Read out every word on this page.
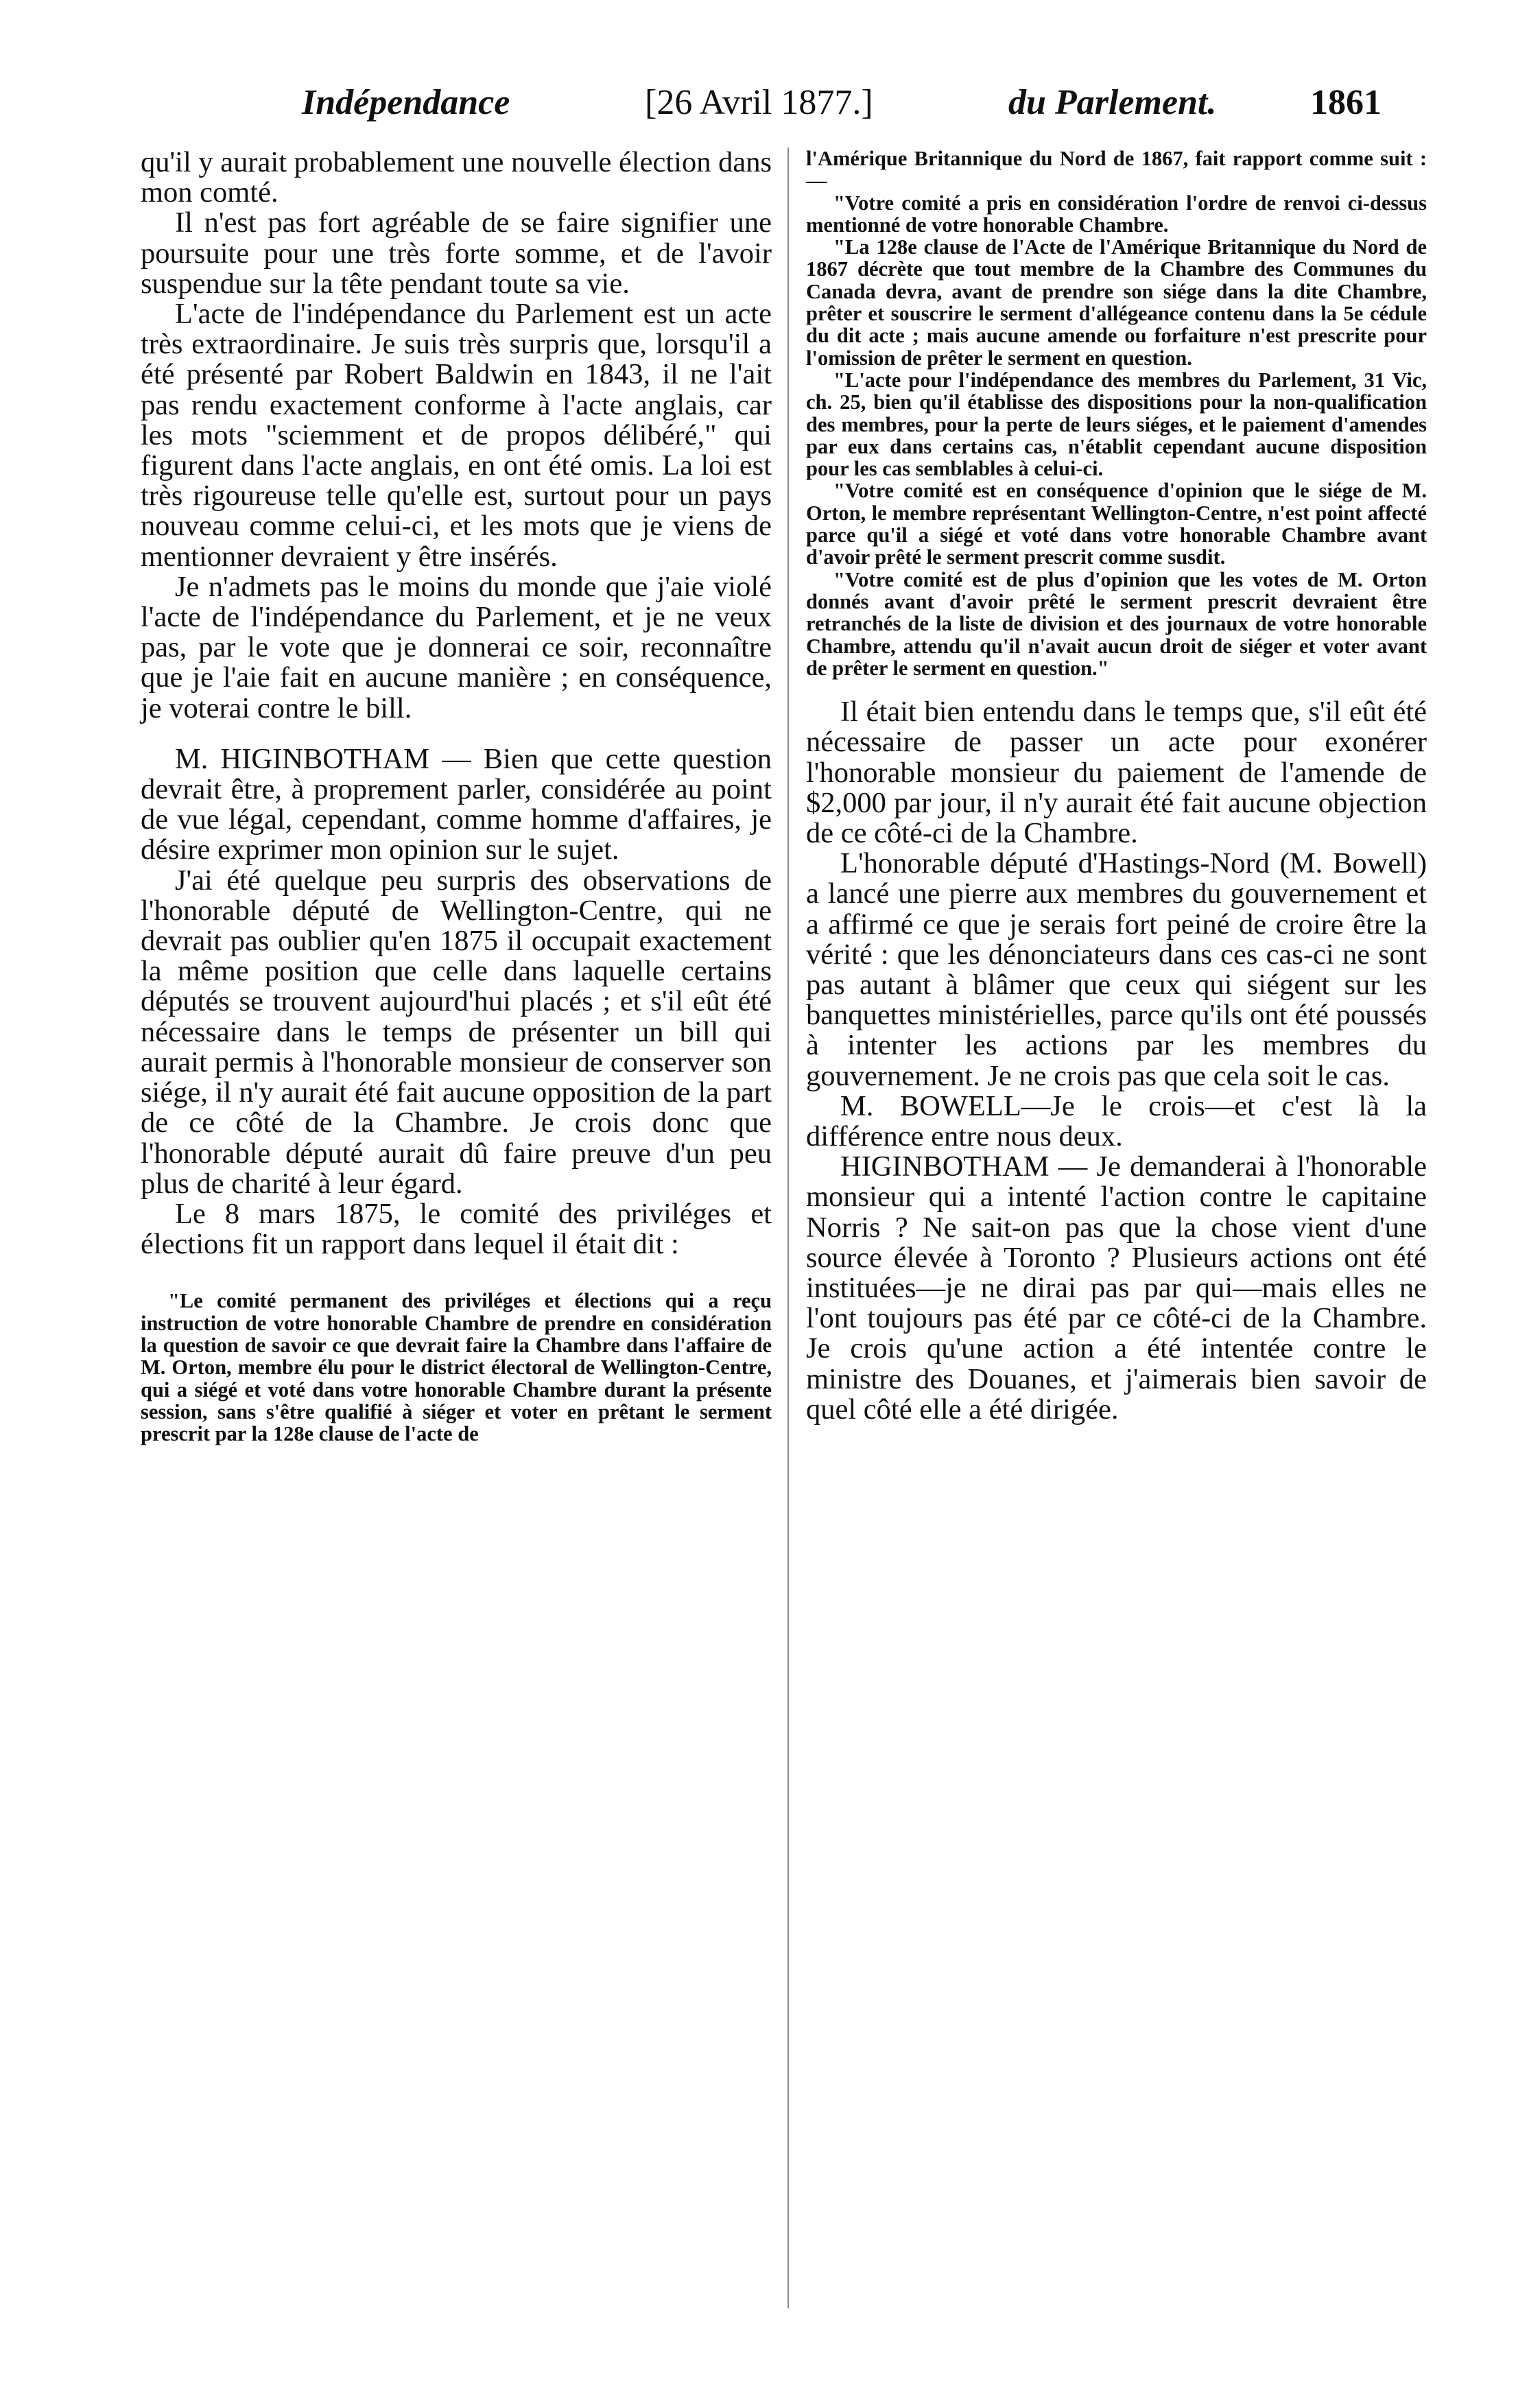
Indépendance	[26 Avril 1877.]	du Parlement.	1861

qu'il y aurait probablement une nouvelle élection dans mon comté.

Il n'est pas fort agréable de se faire signifier une poursuite pour une très forte somme, et de l'avoir suspendue sur la tête pendant toute sa vie.

L'acte de l'indépendance du Parlement est un acte très extraordinaire. Je suis très surpris que, lorsqu'il a été présenté par Robert Baldwin en 1843, il ne l'ait pas rendu exactement conforme à l'acte anglais, car les mots "sciemment et de propos délibéré," qui figurent dans l'acte anglais, en ont été omis. La loi est très rigoureuse telle qu'elle est, surtout pour un pays nouveau comme celui-ci, et les mots que je viens de mentionner devraient y être insérés.

Je n'admets pas le moins du monde que j'aie violé l'acte de l'indépendance du Parlement, et je ne veux pas, par le vote que je donnerai ce soir, reconnaître que je l'aie fait en aucune manière ; en conséquence, je voterai contre le bill.

M. HIGINBOTHAM — Bien que cette question devrait être, à proprement parler, considérée au point de vue légal, cependant, comme homme d'affaires, je désire exprimer mon opinion sur le sujet.

J'ai été quelque peu surpris des observations de l'honorable député de Wellington-Centre, qui ne devrait pas oublier qu'en 1875 il occupait exactement la même position que celle dans laquelle certains députés se trouvent aujourd'hui placés ; et s'il eût été nécessaire dans le temps de présenter un bill qui aurait permis à l'honorable monsieur de conserver son siége, il n'y aurait été fait aucune opposition de la part de ce côté de la Chambre. Je crois donc que l'honorable député aurait dû faire preuve d'un peu plus de charité à leur égard.

Le 8 mars 1875, le comité des priviléges et élections fit un rapport dans lequel il était dit :

"Le comité permanent des priviléges et élections qui a reçu instruction de votre honorable Chambre de prendre en considération la question de savoir ce que devrait faire la Chambre dans l'affaire de M. Orton, membre élu pour le district électoral de Wellington-Centre, qui a siégé et voté dans votre honorable Chambre durant la présente session, sans s'être qualifié à siéger et voter en prêtant le serment prescrit par la 128e clause de l'acte de

l'Amérique Britannique du Nord de 1867, fait rapport comme suit :—

"Votre comité a pris en considération l'ordre de renvoi ci-dessus mentionné de votre honorable Chambre.

"La 128e clause de l'Acte de l'Amérique Britannique du Nord de 1867 décrète que tout membre de la Chambre des Communes du Canada devra, avant de prendre son siége dans la dite Chambre, prêter et souscrire le serment d'allégeance contenu dans la 5e cédule du dit acte ; mais aucune amende ou forfaiture n'est prescrite pour l'omission de prêter le serment en question.

"L'acte pour l'indépendance des membres du Parlement, 31 Vic, ch. 25, bien qu'il établisse des dispositions pour la non-qualification des membres, pour la perte de leurs siéges, et le paiement d'amendes par eux dans certains cas, n'établit cependant aucune disposition pour les cas semblables à celui-ci.

"Votre comité est en conséquence d'opinion que le siége de M. Orton, le membre représentant Wellington-Centre, n'est point affecté parce qu'il a siégé et voté dans votre honorable Chambre avant d'avoir prêté le serment prescrit comme susdit.

"Votre comité est de plus d'opinion que les votes de M. Orton donnés avant d'avoir prêté le serment prescrit devraient être retranchés de la liste de division et des journaux de votre honorable Chambre, attendu qu'il n'avait aucun droit de siéger et voter avant de prêter le serment en question."

Il était bien entendu dans le temps que, s'il eût été nécessaire de passer un acte pour exonérer l'honorable monsieur du paiement de l'amende de $2,000 par jour, il n'y aurait été fait aucune objection de ce côté-ci de la Chambre.

L'honorable député d'Hastings-Nord (M. Bowell) a lancé une pierre aux membres du gouvernement et a affirmé ce que je serais fort peiné de croire être la vérité : que les dénonciateurs dans ces cas-ci ne sont pas autant à blâmer que ceux qui siégent sur les banquettes ministérielles, parce qu'ils ont été poussés à intenter les actions par les membres du gouvernement. Je ne crois pas que cela soit le cas.

M. BOWELL—Je le crois—et c'est là la différence entre nous deux.

HIGINBOTHAM — Je demanderai à l'honorable monsieur qui a intenté l'action contre le capitaine Norris ? Ne sait-on pas que la chose vient d'une source élevée à Toronto ? Plusieurs actions ont été instituées—je ne dirai pas par qui—mais elles ne l'ont toujours pas été par ce côté-ci de la Chambre. Je crois qu'une action a été intentée contre le ministre des Douanes, et j'aimerais bien savoir de quel côté elle a été dirigée.
